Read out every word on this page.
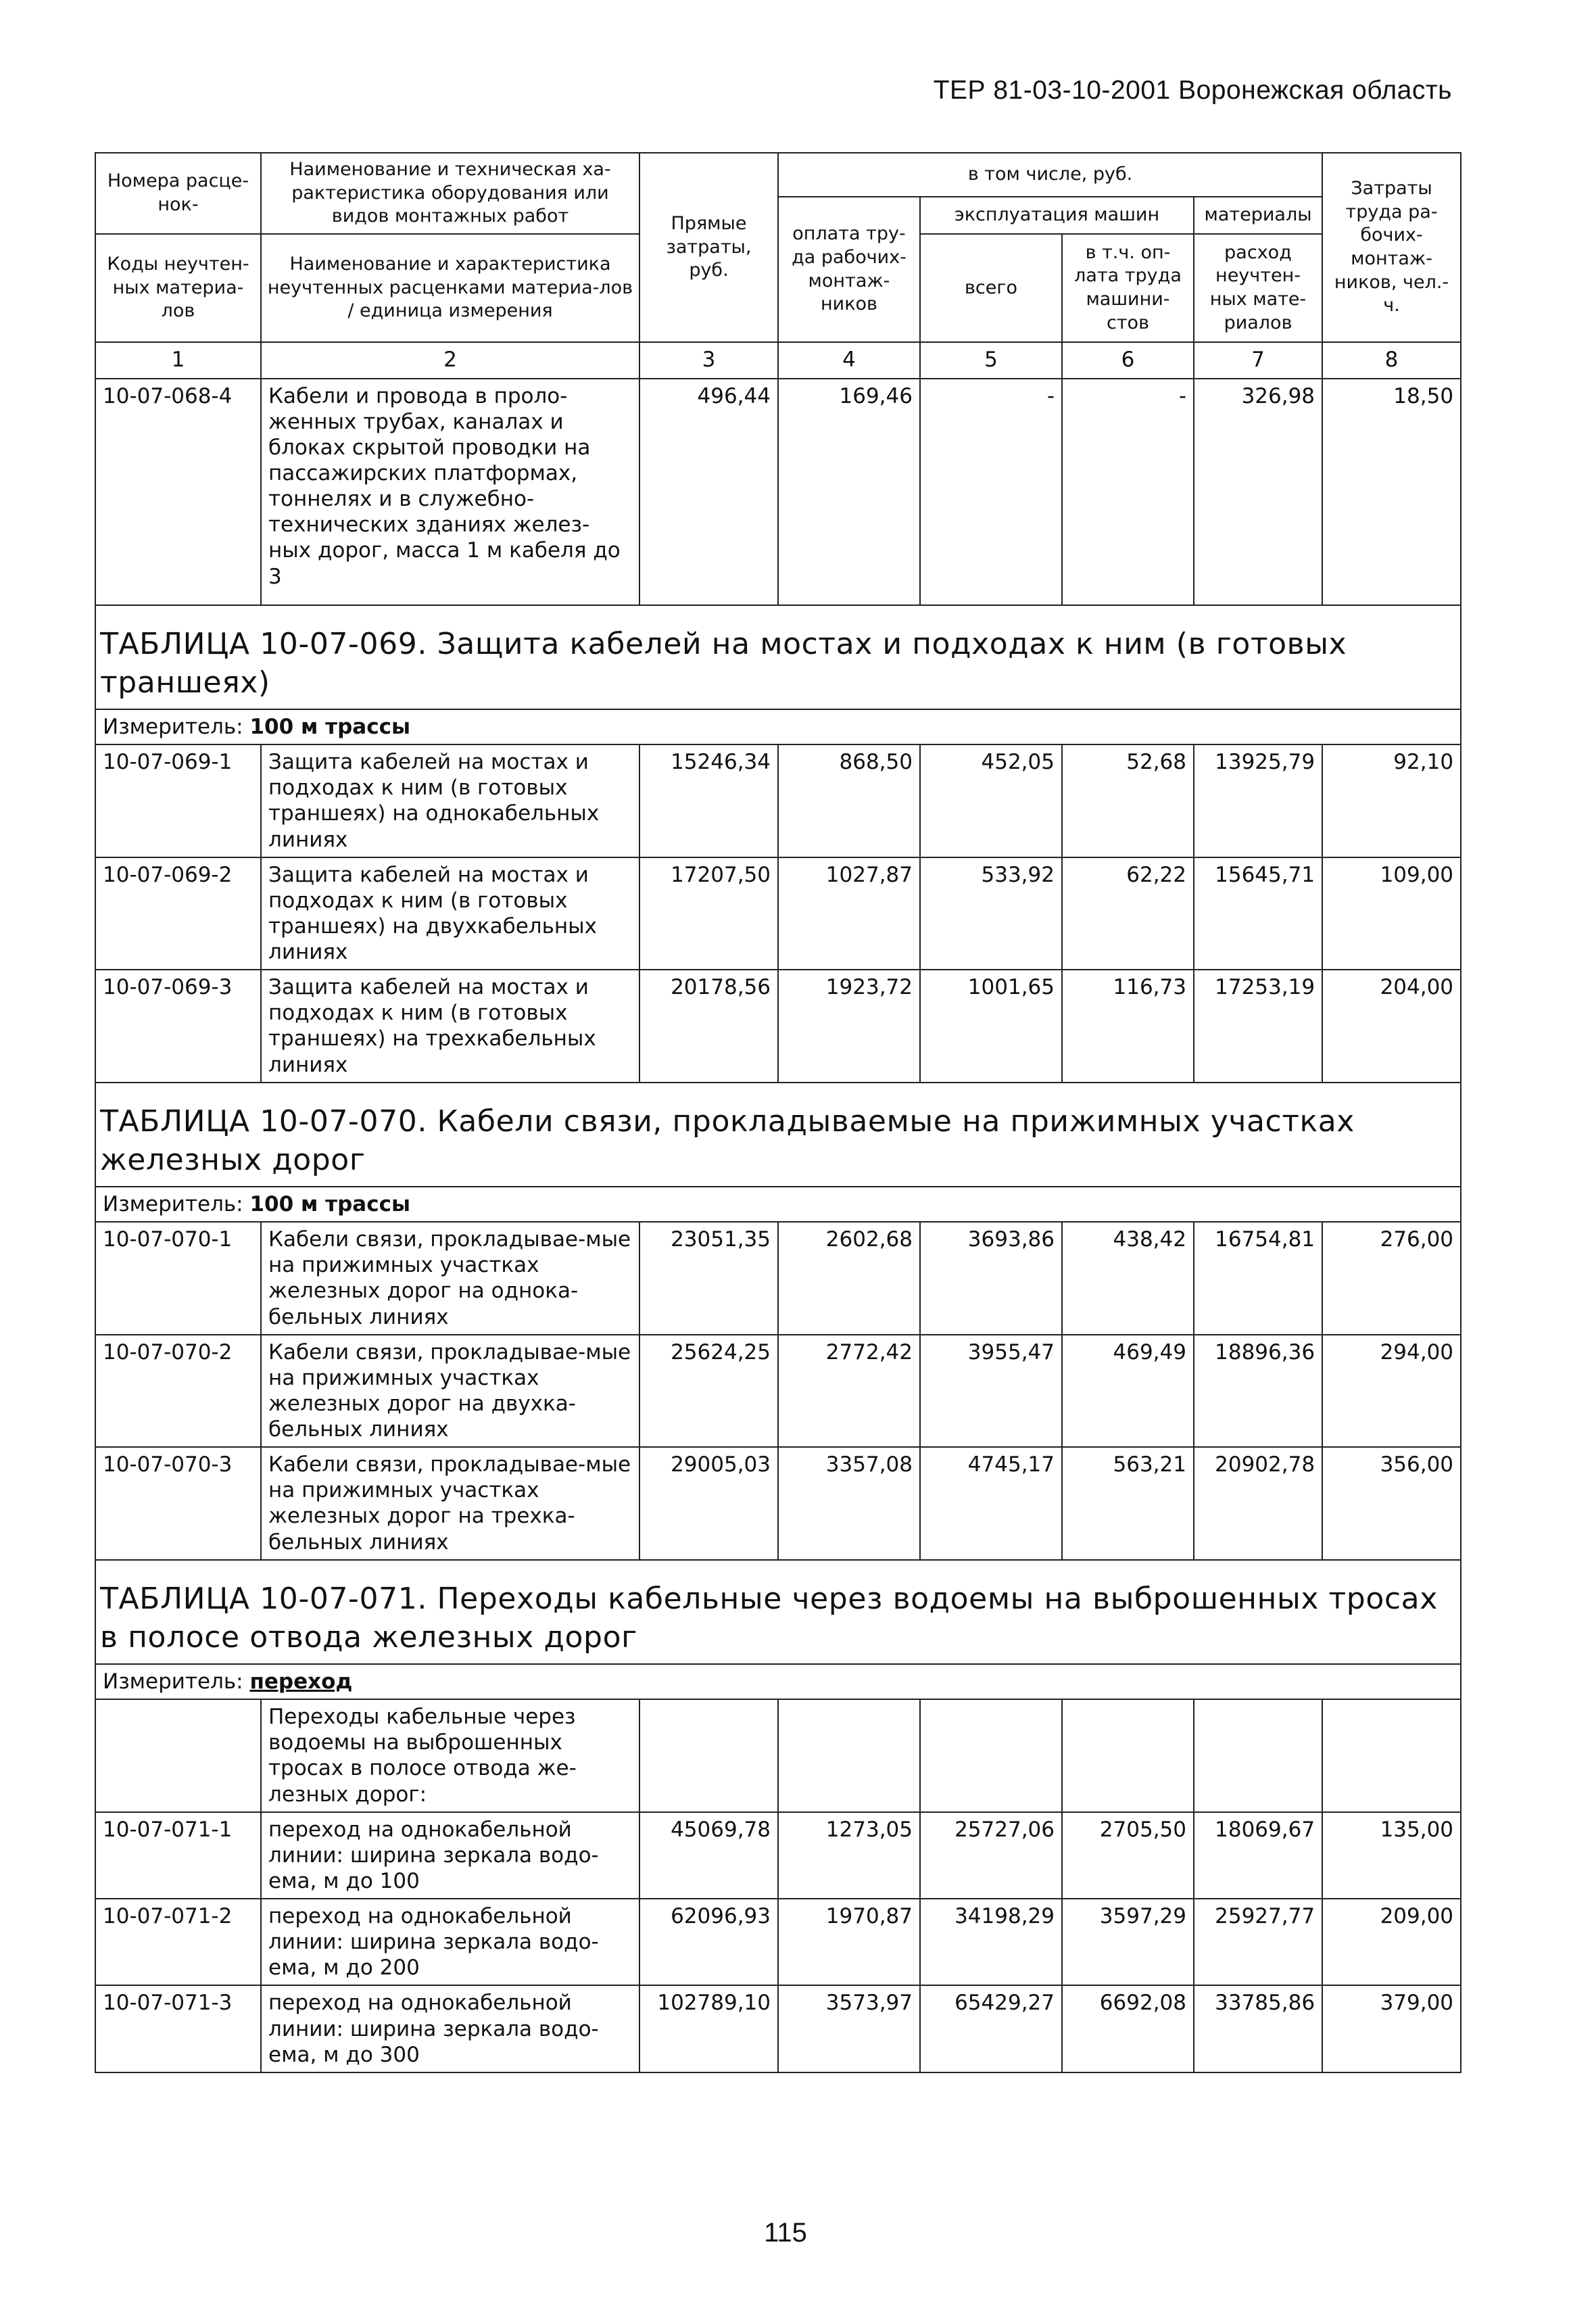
ТЕР 81-03-10-2001 Воронежская область
Номера расце-нок-	Наименование и техническая ха-рактеристика оборудования или видов монтажных работ	Прямые затраты, руб.	в том числе, руб.				Затраты труда ра-бочих-монтаж-ников, чел.-ч.
			оплата тру-да рабочих-монтаж-ников	эксплуатация машин		материалы	
Коды неучтен-ных материа-лов	Наименование и характеристика неучтенных расценками материа-лов / единица измерения			всего	в т.ч. оп-лата труда машини-стов	расход неучтен-ных мате-риалов	

1	2	3	4	5	6	7	8
10-07-068-4	Кабели и провода в проло-женных трубах, каналах и блоках скрытой проводки на пассажирских платформах, тоннелях и в служебно-технических зданиях желез-ных дорог, масса 1 м кабеля до 3	496,44	169,46	-	-	326,98	18,50
ТАБЛИЦА 10-07-069. Защита кабелей на мостах и подходах к ним (в готовых траншеях)							
Измеритель: 100 м трассы							
10-07-069-1	Защита кабелей на мостах и подходах к ним (в готовых траншеях) на однокабельных линиях	15246,34	868,50	452,05	52,68	13925,79	92,10
10-07-069-2	Защита кабелей на мостах и подходах к ним (в готовых траншеях) на двухкабельных линиях	17207,50	1027,87	533,92	62,22	15645,71	109,00
10-07-069-3	Защита кабелей на мостах и подходах к ним (в готовых траншеях) на трехкабельных линиях	20178,56	1923,72	1001,65	116,73	17253,19	204,00
ТАБЛИЦА 10-07-070. Кабели связи, прокладываемые на прижимных участках железных дорог							
Измеритель: 100 м трассы							
10-07-070-1	Кабели связи, прокладывае-мые на прижимных участках железных дорог на однока-бельных линиях	23051,35	2602,68	3693,86	438,42	16754,81	276,00
10-07-070-2	Кабели связи, прокладывае-мые на прижимных участках железных дорог на двухка-бельных линиях	25624,25	2772,42	3955,47	469,49	18896,36	294,00
10-07-070-3	Кабели связи, прокладывае-мые на прижимных участках железных дорог на трехка-бельных линиях	29005,03	3357,08	4745,17	563,21	20902,78	356,00
ТАБЛИЦА 10-07-071. Переходы кабельные через водоемы на выброшенных тросах в полосе отвода железных дорог							
Измеритель: переход							
	Переходы кабельные через водоемы на выброшенных тросах в полосе отвода же-лезных дорог:						
10-07-071-1	переход на однокабельной линии: ширина зеркала водо-ема, м до 100	45069,78	1273,05	25727,06	2705,50	18069,67	135,00
10-07-071-2	переход на однокабельной линии: ширина зеркала водо-ема, м до 200	62096,93	1970,87	34198,29	3597,29	25927,77	209,00
10-07-071-3	переход на однокабельной линии: ширина зеркала водо-ема, м до 300	102789,10	3573,97	65429,27	6692,08	33785,86	379,00
115
